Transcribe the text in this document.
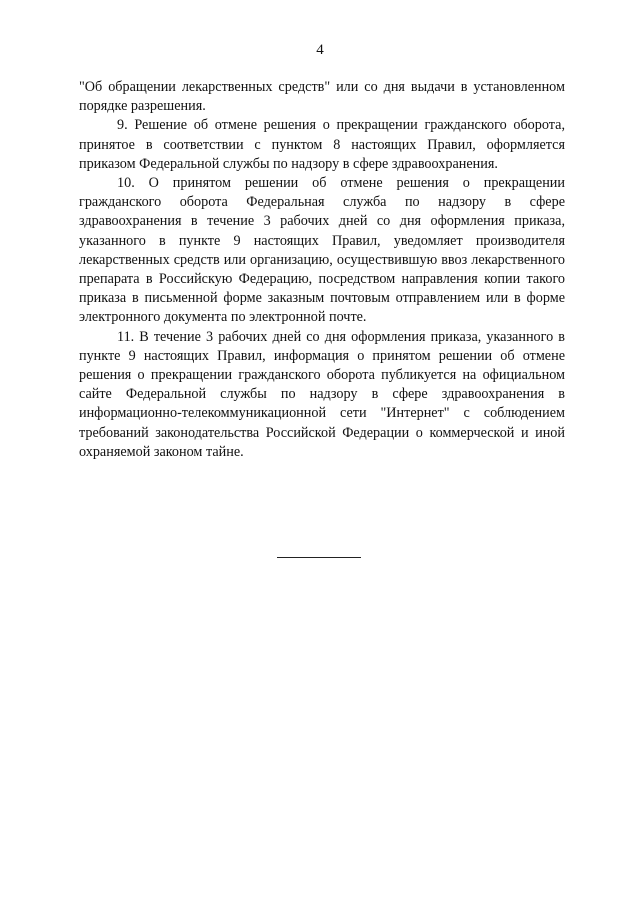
4

"Об обращении лекарственных средств" или со дня выдачи в установленном порядке разрешения.

9. Решение об отмене решения о прекращении гражданского оборота, принятое в соответствии с пунктом 8 настоящих Правил, оформляется приказом Федеральной службы по надзору в сфере здравоохранения.

10. О принятом решении об отмене решения о прекращении гражданского оборота Федеральная служба по надзору в сфере здравоохранения в течение 3 рабочих дней со дня оформления приказа, указанного в пункте 9 настоящих Правил, уведомляет производителя лекарственных средств или организацию, осуществившую ввоз лекарственного препарата в Российскую Федерацию, посредством направления копии такого приказа в письменной форме заказным почтовым отправлением или в форме электронного документа по электронной почте.

11. В течение 3 рабочих дней со дня оформления приказа, указанного в пункте 9 настоящих Правил, информация о принятом решении об отмене решения о прекращении гражданского оборота публикуется на официальном сайте Федеральной службы по надзору в сфере здравоохранения в информационно-телекоммуникационной сети "Интернет" с соблюдением требований законодательства Российской Федерации о коммерческой и иной охраняемой законом тайне.
